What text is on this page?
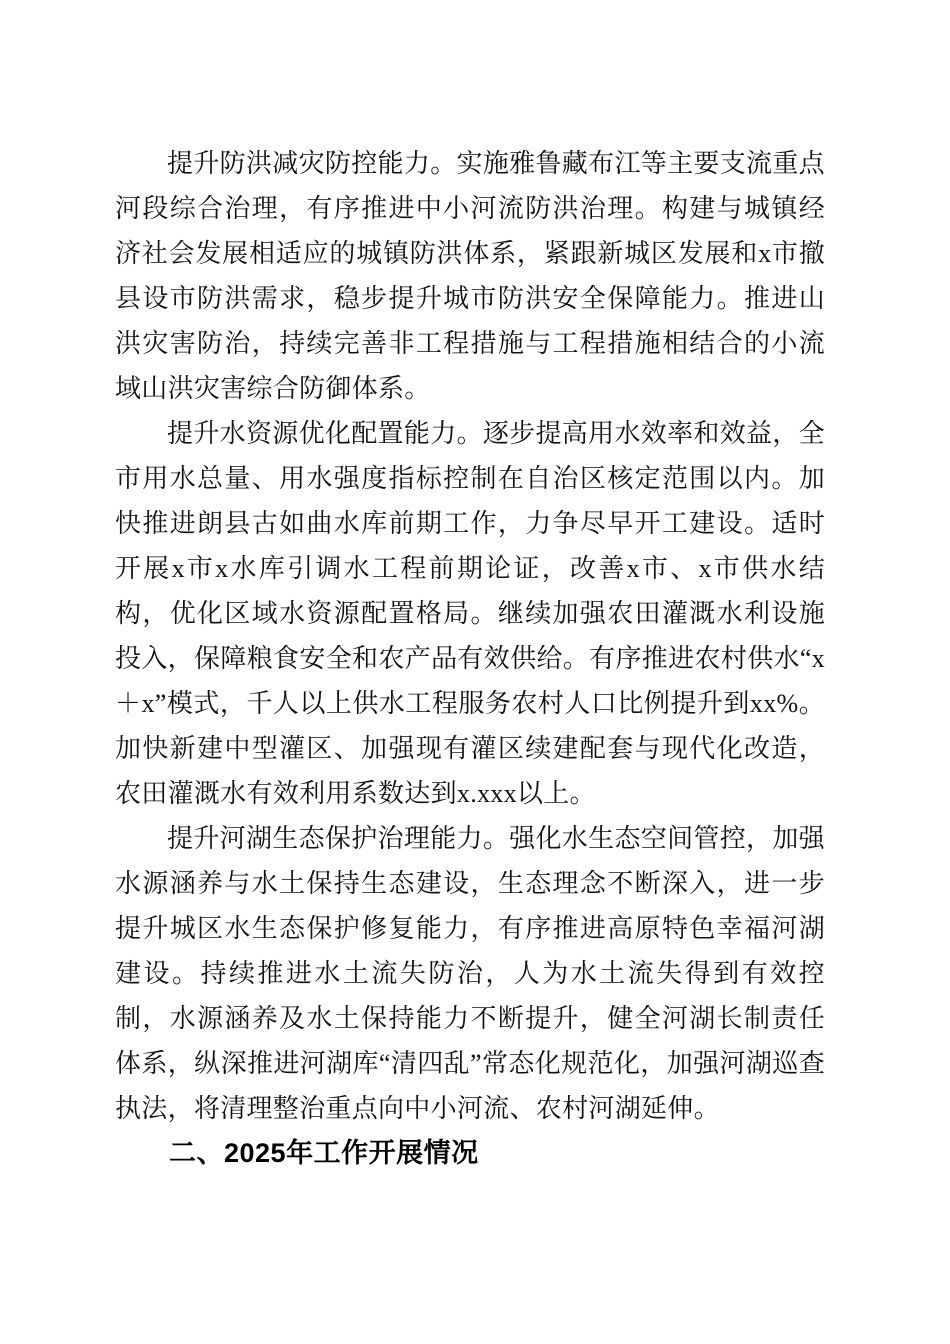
提升防洪减灾防控能力。实施雅鲁藏布江等主要支流重点河段综合治理，有序推进中小河流防洪治理。构建与城镇经济社会发展相适应的城镇防洪体系，紧跟新城区发展和x市撤县设市防洪需求，稳步提升城市防洪安全保障能力。推进山洪灾害防治，持续完善非工程措施与工程措施相结合的小流域山洪灾害综合防御体系。

提升水资源优化配置能力。逐步提高用水效率和效益，全市用水总量、用水强度指标控制在自治区核定范围以内。加快推进朗县古如曲水库前期工作，力争尽早开工建设。适时开展x市x水库引调水工程前期论证，改善x市、x市供水结构，优化区域水资源配置格局。继续加强农田灌溉水利设施投入，保障粮食安全和农产品有效供给。有序推进农村供水“x＋x”模式，千人以上供水工程服务农村人口比例提升到xx%。加快新建中型灌区、加强现有灌区续建配套与现代化改造，农田灌溉水有效利用系数达到x.xxx以上。

提升河湖生态保护治理能力。强化水生态空间管控，加强水源涵养与水土保持生态建设，生态理念不断深入，进一步提升城区水生态保护修复能力，有序推进高原特色幸福河湖建设。持续推进水土流失防治，人为水土流失得到有效控制，水源涵养及水土保持能力不断提升，健全河湖长制责任体系，纵深推进河湖库“清四乱”常态化规范化，加强河湖巡查执法，将清理整治重点向中小河流、农村河湖延伸。

二、2025年工作开展情况
